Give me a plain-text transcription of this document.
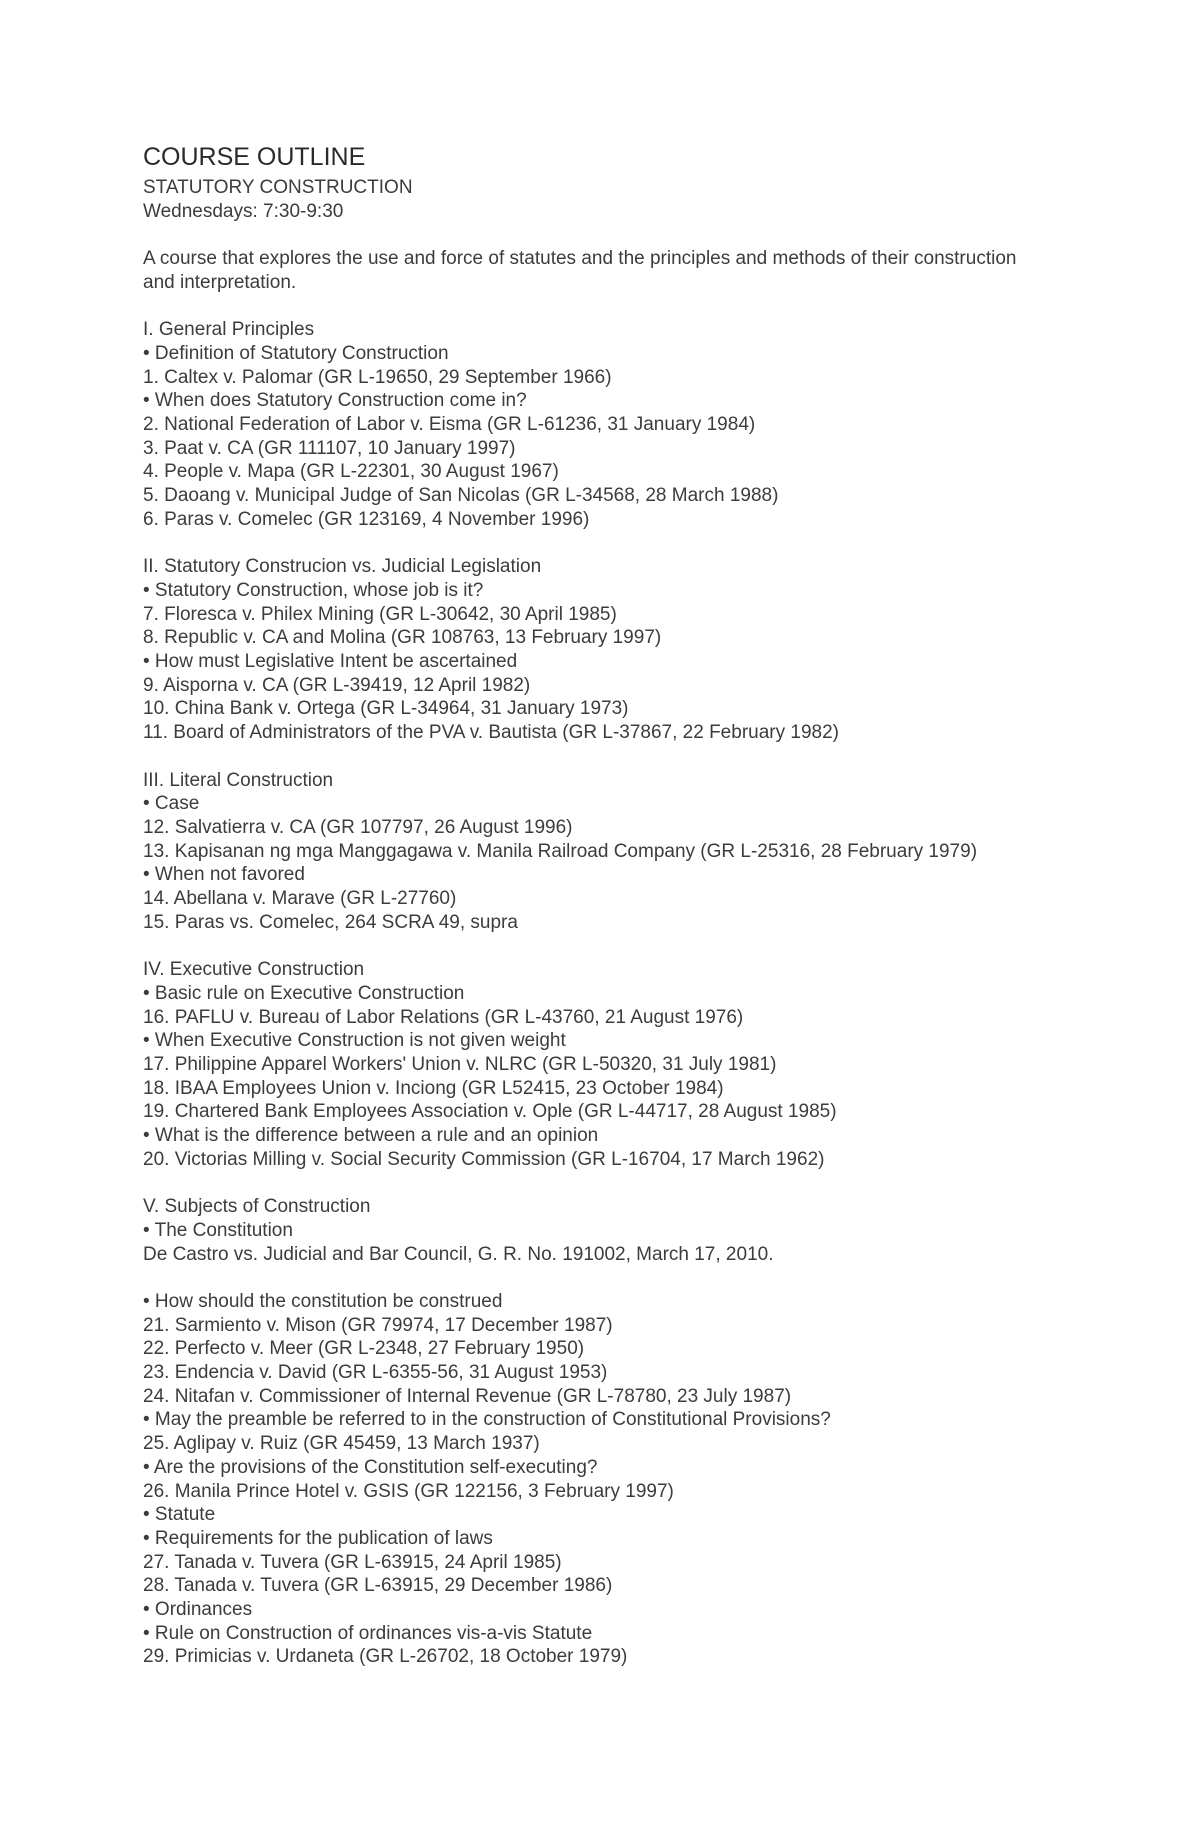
COURSE OUTLINE
STATUTORY CONSTRUCTION
Wednesdays: 7:30-9:30
A course that explores the use and force of statutes and the principles and methods of their construction and interpretation.
I. General Principles
• Definition of Statutory Construction
1. Caltex v. Palomar (GR L-19650, 29 September 1966)
• When does Statutory Construction come in?
2. National Federation of Labor v. Eisma (GR L-61236, 31 January 1984)
3. Paat v. CA (GR 111107, 10 January 1997)
4. People v. Mapa (GR L-22301, 30 August 1967)
5. Daoang v. Municipal Judge of San Nicolas (GR L-34568, 28 March 1988)
6. Paras v. Comelec (GR 123169, 4 November 1996)
II. Statutory Construcion vs. Judicial Legislation
• Statutory Construction, whose job is it?
7. Floresca v. Philex Mining (GR L-30642, 30 April 1985)
8. Republic v. CA and Molina (GR 108763, 13 February 1997)
• How must Legislative Intent be ascertained
9. Aisporna v. CA (GR L-39419, 12 April 1982)
10. China Bank v. Ortega (GR L-34964, 31 January 1973)
11. Board of Administrators of the PVA v. Bautista (GR L-37867, 22 February 1982)
III. Literal Construction
• Case
12. Salvatierra v. CA (GR 107797, 26 August 1996)
13. Kapisanan ng mga Manggagawa v. Manila Railroad Company (GR L-25316, 28 February 1979)
• When not favored
14. Abellana v. Marave (GR L-27760)
15. Paras vs. Comelec, 264 SCRA 49, supra
IV. Executive Construction
• Basic rule on Executive Construction
16. PAFLU v. Bureau of Labor Relations (GR L-43760, 21 August 1976)
• When Executive Construction is not given weight
17. Philippine Apparel Workers' Union v. NLRC (GR L-50320, 31 July 1981)
18. IBAA Employees Union v. Inciong (GR L52415, 23 October 1984)
19. Chartered Bank Employees Association v. Ople (GR L-44717, 28 August 1985)
• What is the difference between a rule and an opinion
20. Victorias Milling v. Social Security Commission (GR L-16704, 17 March 1962)
V. Subjects of Construction
• The Constitution
De Castro vs. Judicial and Bar Council, G. R. No. 191002, March 17, 2010.
• How should the constitution be construed
21. Sarmiento v. Mison (GR 79974, 17 December 1987)
22. Perfecto v. Meer (GR L-2348, 27 February 1950)
23. Endencia v. David (GR L-6355-56, 31 August 1953)
24. Nitafan v. Commissioner of Internal Revenue (GR L-78780, 23 July 1987)
• May the preamble be referred to in the construction of Constitutional Provisions?
25. Aglipay v. Ruiz (GR 45459, 13 March 1937)
• Are the provisions of the Constitution self-executing?
26. Manila Prince Hotel v. GSIS (GR 122156, 3 February 1997)
• Statute
• Requirements for the publication of laws
27. Tanada v. Tuvera (GR L-63915, 24 April 1985)
28. Tanada v. Tuvera (GR L-63915, 29 December 1986)
• Ordinances
• Rule on Construction of ordinances vis-a-vis Statute
29. Primicias v. Urdaneta (GR L-26702, 18 October 1979)
